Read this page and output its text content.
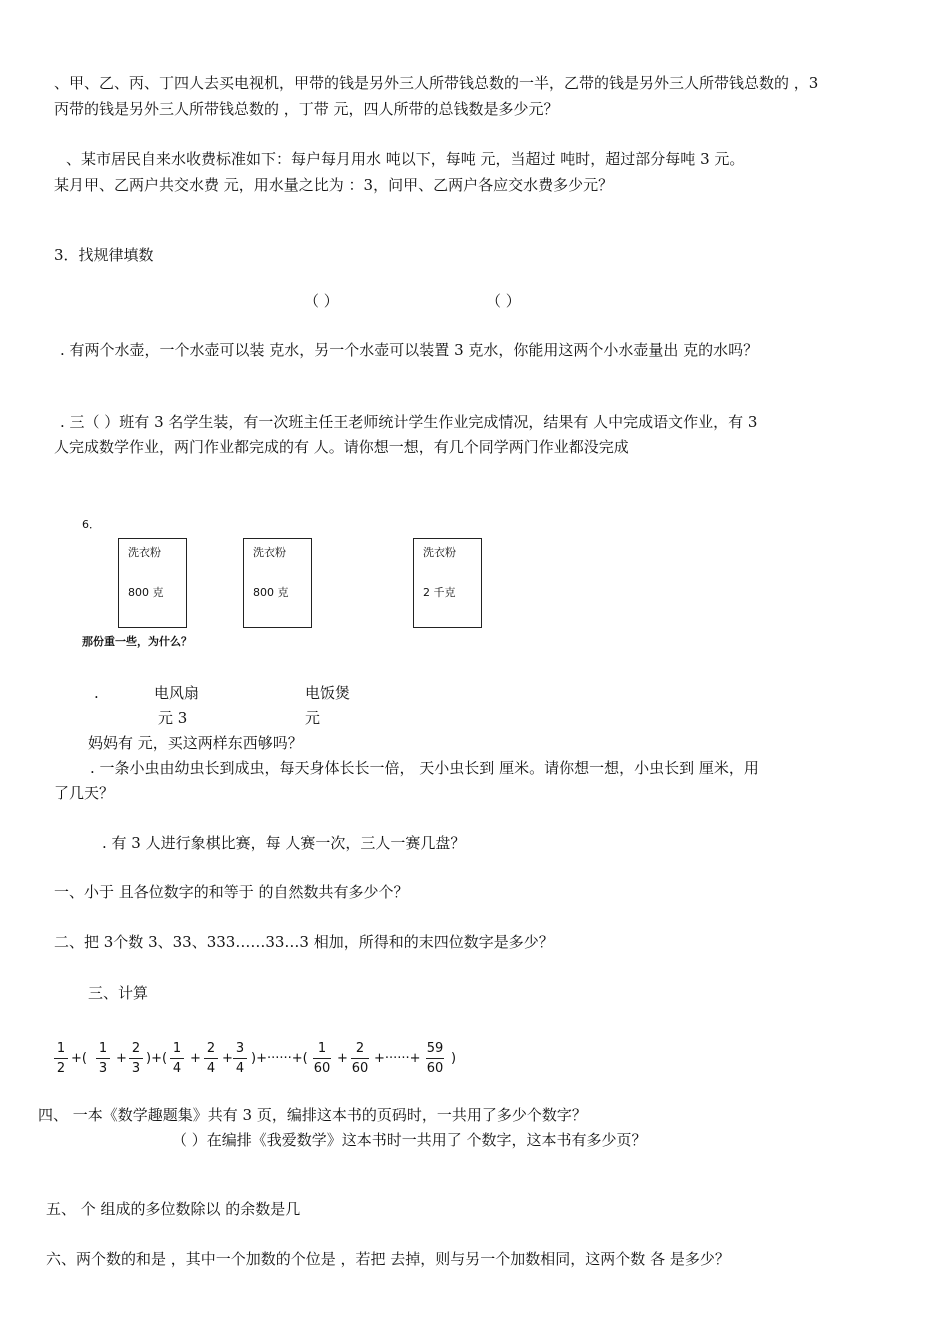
、甲、乙、丙、丁四人去买电视机，甲带的钱是另外三人所带钱总数的一半，乙带的钱是另外三人所带钱总数的 ，3
丙带的钱是另外三人所带钱总数的 ，丁带 元，四人所带的总钱数是多少元？
、某市居民自来水收费标准如下：每户每月用水 吨以下，每吨 元，当超过 吨时，超过部分每吨 3 元。
某月甲、乙两户共交水费 元，用水量之比为 ：3，问甲、乙两户各应交水费多少元？
3．找规律填数
（ ）	（ ）
. 有两个水壶，一个水壶可以装 克水，另一个水壶可以装置 3 克水，你能用这两个小水壶量出 克的水吗？
. 三（ ）班有 3 名学生装，有一次班主任王老师统计学生作业完成情况，结果有 人中完成语文作业，有 3
人完成数学作业，两门作业都完成的有 人。请你想一想，有几个同学两门作业都没完成
6．
洗衣粉
800 克
洗衣粉
800 克
洗衣粉
2 千克
那份重一些，为什么？
.	电风扇	电饭煲
元 3	元
妈妈有 元，买这两样东西够吗？
. 一条小虫由幼虫长到成虫，每天身体长长一倍， 天小虫长到 厘米。请你想一想，小虫长到 厘米，用
了几天？
. 有 3 人进行象棋比赛，每 人赛一次，三人一赛几盘？
一、小于 且各位数字的和等于 的自然数共有多少个？
二、把 3个数 3、33、333……33…3 相加，所得和的末四位数字是多少？
三、计算
1
2
+(
1
3
+
2
3
)+(
1
4
+
2
4
+
3
4
)+······+(
1
60
+
2
60
+······+
59
60
)
四、 一本《数学趣题集》共有 3 页，编排这本书的页码时，一共用了多少个数字？
（ ）在编排《我爱数学》这本书时一共用了 个数字，这本书有多少页？
五、 个 组成的多位数除以 的余数是几
六、两个数的和是 ，其中一个加数的个位是 ，若把 去掉，则与另一个加数相同，这两个数 各 是多少？
